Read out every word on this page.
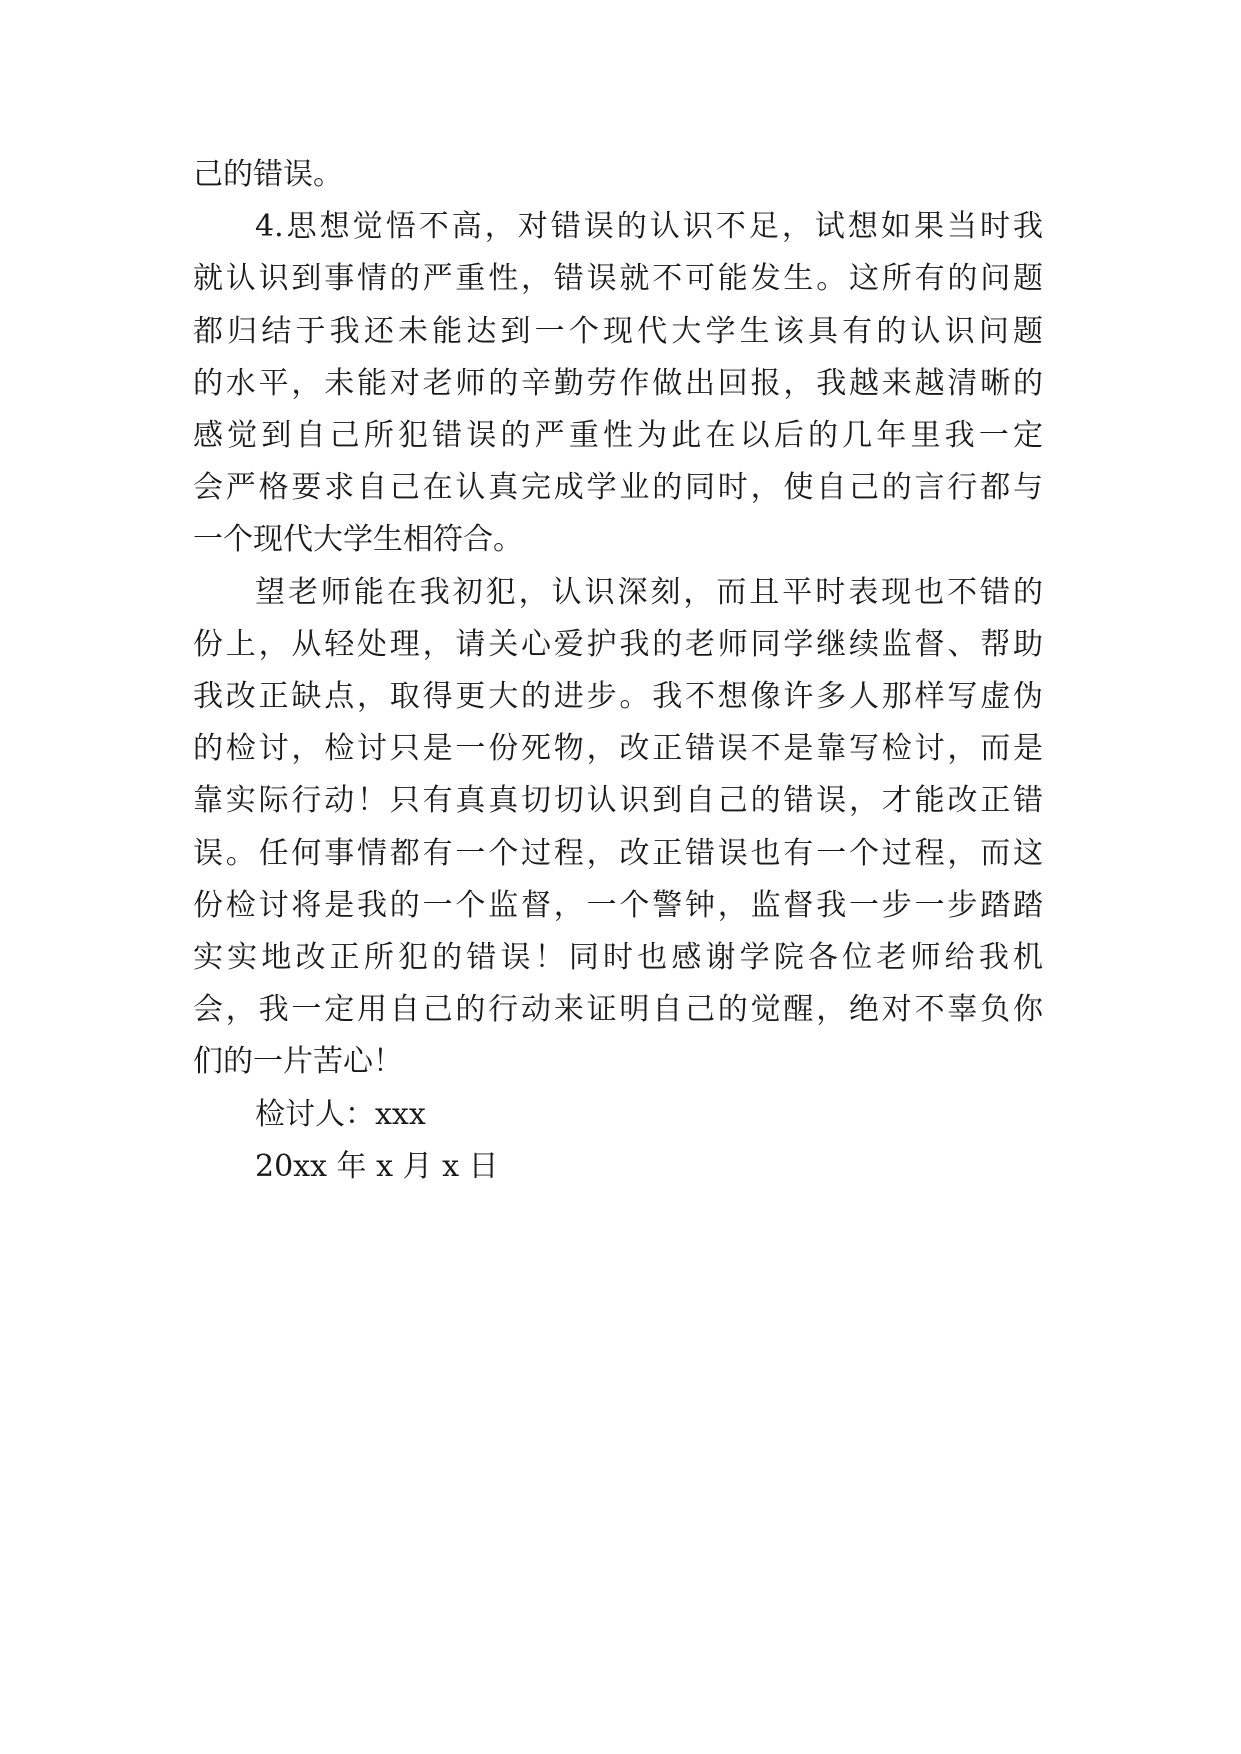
己的错误。
4.思想觉悟不高，对错误的认识不足，试想如果当时我
就认识到事情的严重性，错误就不可能发生。这所有的问题
都归结于我还未能达到一个现代大学生该具有的认识问题
的水平，未能对老师的辛勤劳作做出回报，我越来越清晰的
感觉到自己所犯错误的严重性为此在以后的几年里我一定
会严格要求自己在认真完成学业的同时，使自己的言行都与
一个现代大学生相符合。
望老师能在我初犯，认识深刻，而且平时表现也不错的
份上，从轻处理，请关心爱护我的老师同学继续监督、帮助
我改正缺点，取得更大的进步。我不想像许多人那样写虚伪
的检讨，检讨只是一份死物，改正错误不是靠写检讨，而是
靠实际行动！只有真真切切认识到自己的错误，才能改正错
误。任何事情都有一个过程，改正错误也有一个过程，而这
份检讨将是我的一个监督，一个警钟，监督我一步一步踏踏
实实地改正所犯的错误！同时也感谢学院各位老师给我机
会，我一定用自己的行动来证明自己的觉醒，绝对不辜负你
们的一片苦心！
检讨人：xxx
20xx 年 x 月 x 日
